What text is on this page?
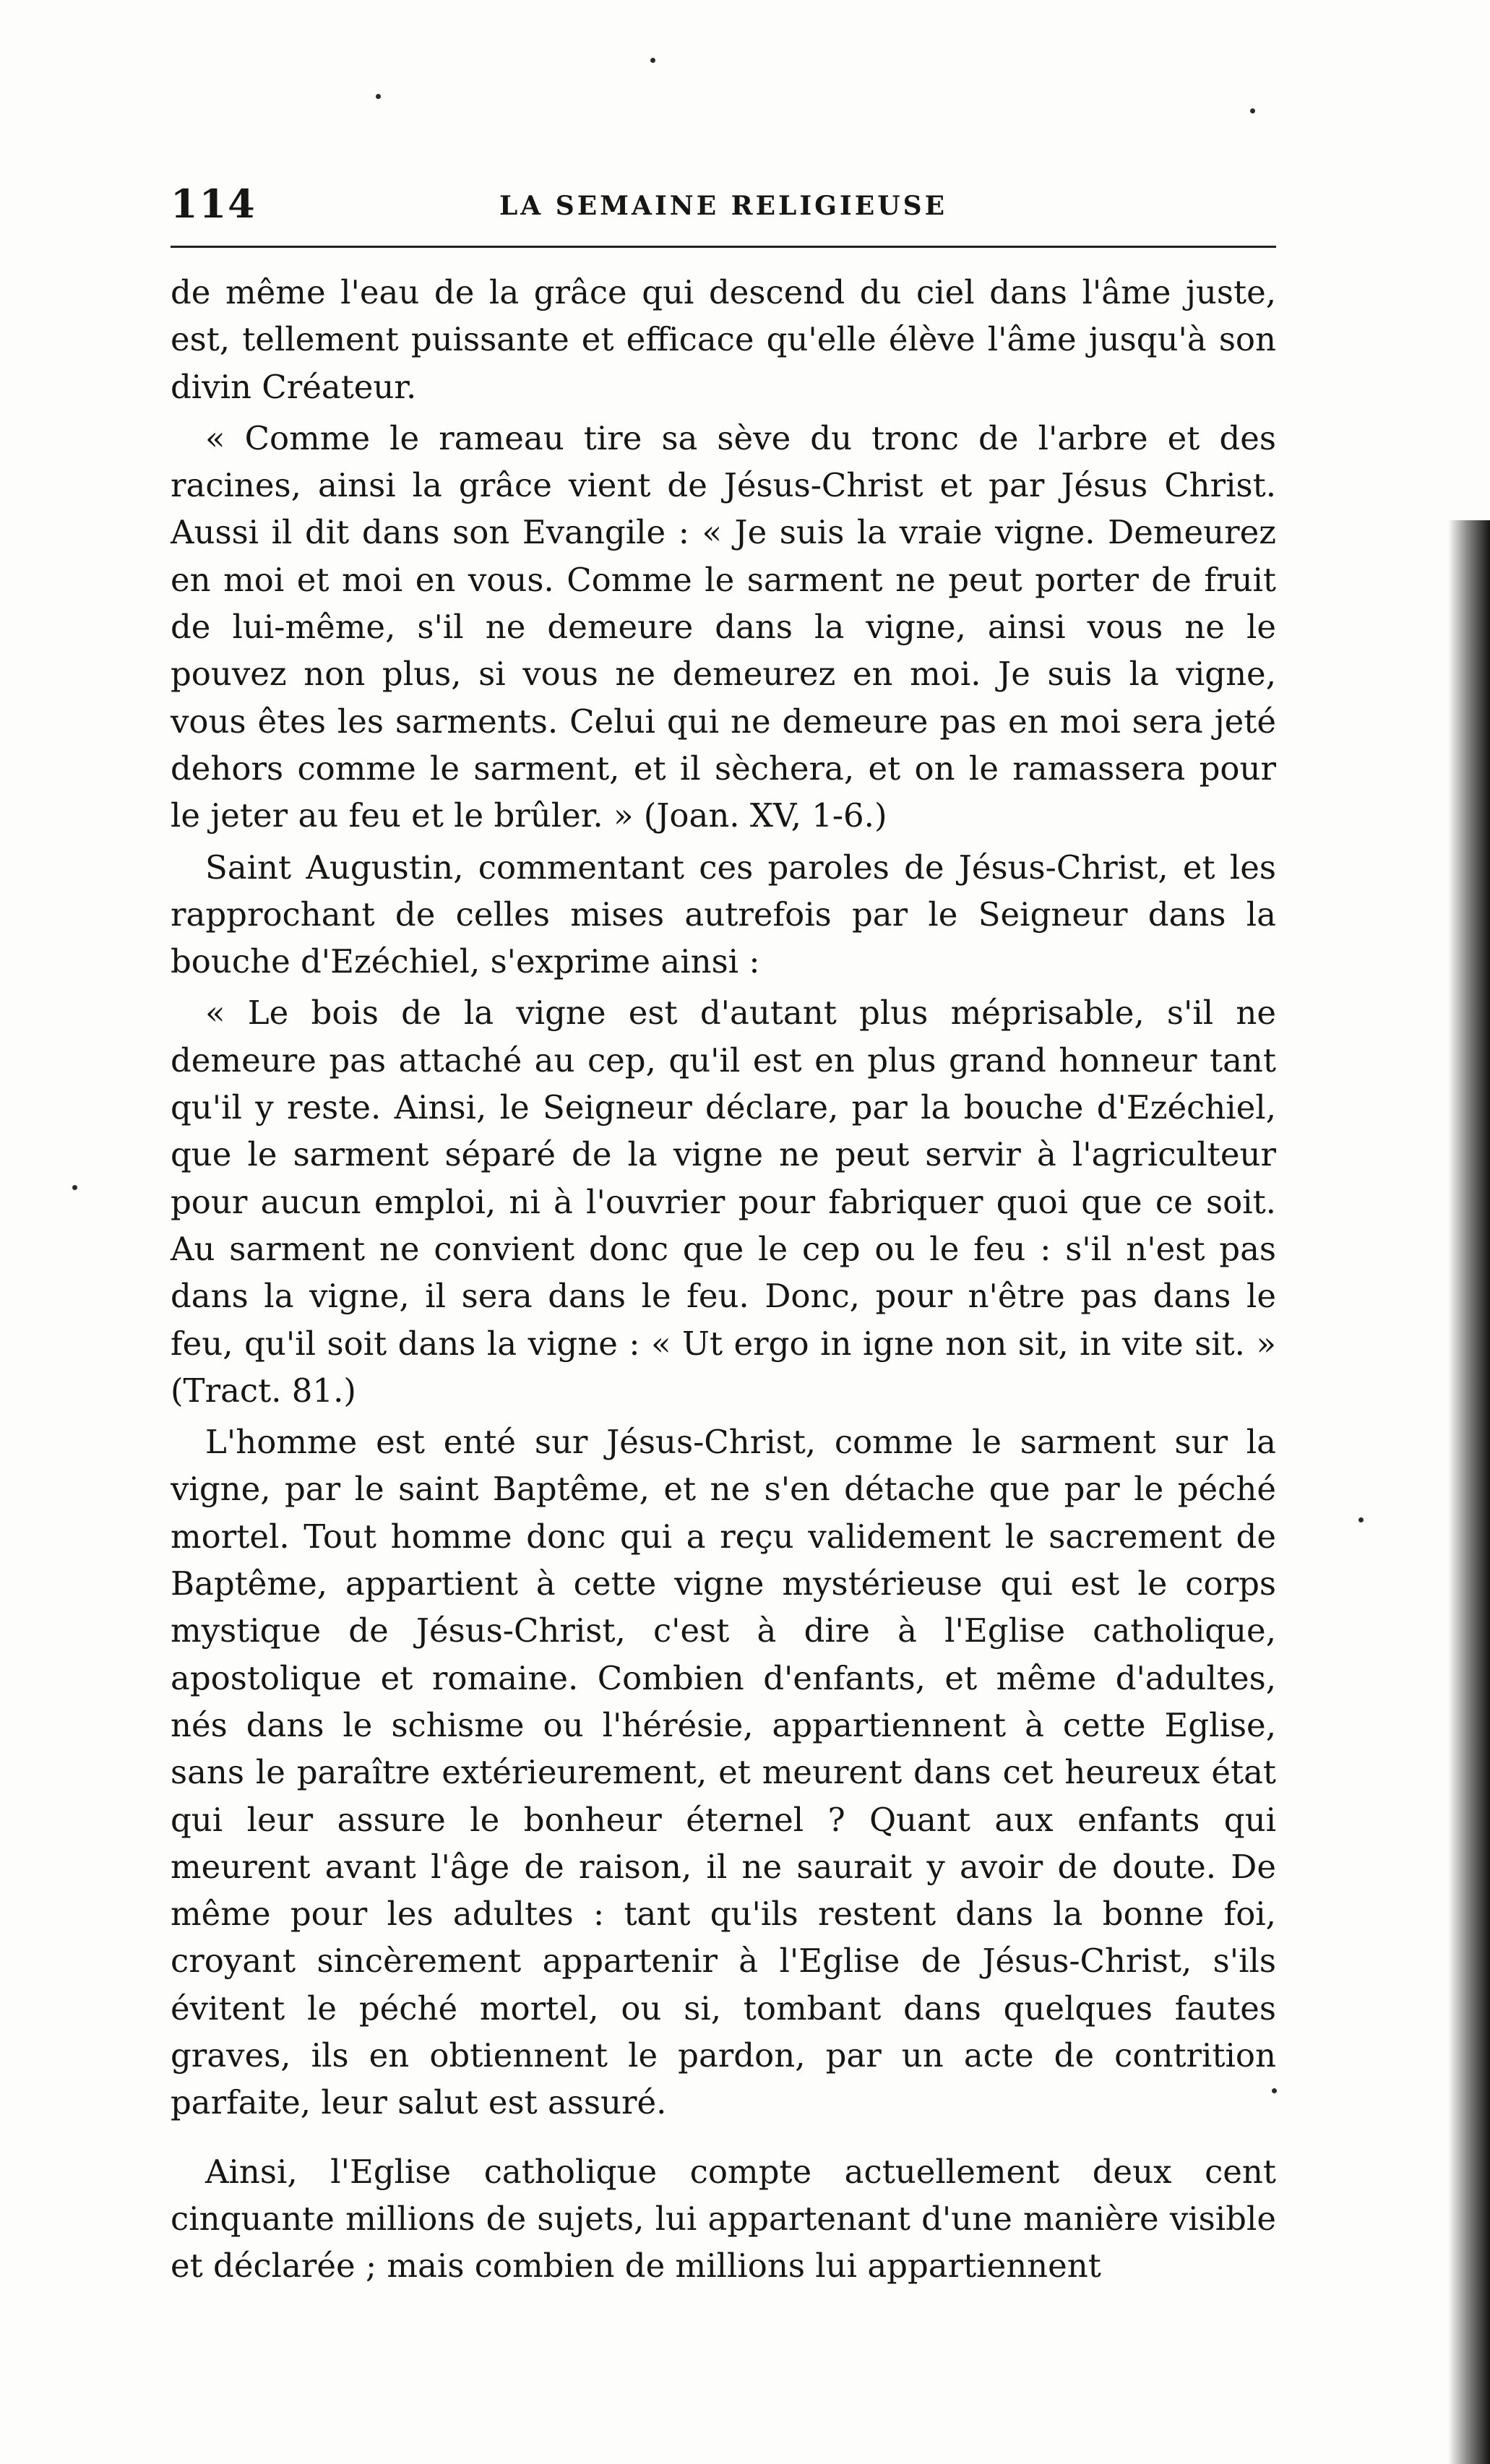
114	LA SEMAINE RELIGIEUSE

de même l'eau de la grâce qui descend du ciel dans l'âme juste, est, tellement puissante et efficace qu'elle élève l'âme jusqu'à son divin Créateur.

« Comme le rameau tire sa sève du tronc de l'arbre et des racines, ainsi la grâce vient de Jésus-Christ et par Jésus Christ. Aussi il dit dans son Evangile : « Je suis la vraie vigne. Demeurez en moi et moi en vous. Comme le sarment ne peut porter de fruit de lui-même, s'il ne demeure dans la vigne, ainsi vous ne le pouvez non plus, si vous ne demeurez en moi. Je suis la vigne, vous êtes les sarments. Celui qui ne demeure pas en moi sera jeté dehors comme le sarment, et il sèchera, et on le ramassera pour le jeter au feu et le brûler. » (Joan. XV, 1-6.)

Saint Augustin, commentant ces paroles de Jésus-Christ, et les rapprochant de celles mises autrefois par le Seigneur dans la bouche d'Ezéchiel, s'exprime ainsi :

« Le bois de la vigne est d'autant plus méprisable, s'il ne demeure pas attaché au cep, qu'il est en plus grand honneur tant qu'il y reste. Ainsi, le Seigneur déclare, par la bouche d'Ezéchiel, que le sarment séparé de la vigne ne peut servir à l'agriculteur pour aucun emploi, ni à l'ouvrier pour fabriquer quoi que ce soit. Au sarment ne convient donc que le cep ou le feu : s'il n'est pas dans la vigne, il sera dans le feu. Donc, pour n'être pas dans le feu, qu'il soit dans la vigne : « Ut ergo in igne non sit, in vite sit. » (Tract. 81.)

L'homme est enté sur Jésus-Christ, comme le sarment sur la vigne, par le saint Baptême, et ne s'en détache que par le péché mortel. Tout homme donc qui a reçu validement le sacrement de Baptême, appartient à cette vigne mystérieuse qui est le corps mystique de Jésus-Christ, c'est à dire à l'Eglise catholique, apostolique et romaine. Combien d'enfants, et même d'adultes, nés dans le schisme ou l'hérésie, appartiennent à cette Eglise, sans le paraître extérieurement, et meurent dans cet heureux état qui leur assure le bonheur éternel ? Quant aux enfants qui meurent avant l'âge de raison, il ne saurait y avoir de doute. De même pour les adultes : tant qu'ils restent dans la bonne foi, croyant sincèrement appartenir à l'Eglise de Jésus-Christ, s'ils évitent le péché mortel, ou si, tombant dans quelques fautes graves, ils en obtiennent le pardon, par un acte de contrition parfaite, leur salut est assuré.

Ainsi, l'Eglise catholique compte actuellement deux cent cinquante millions de sujets, lui appartenant d'une manière visible et déclarée ; mais combien de millions lui appartiennent
